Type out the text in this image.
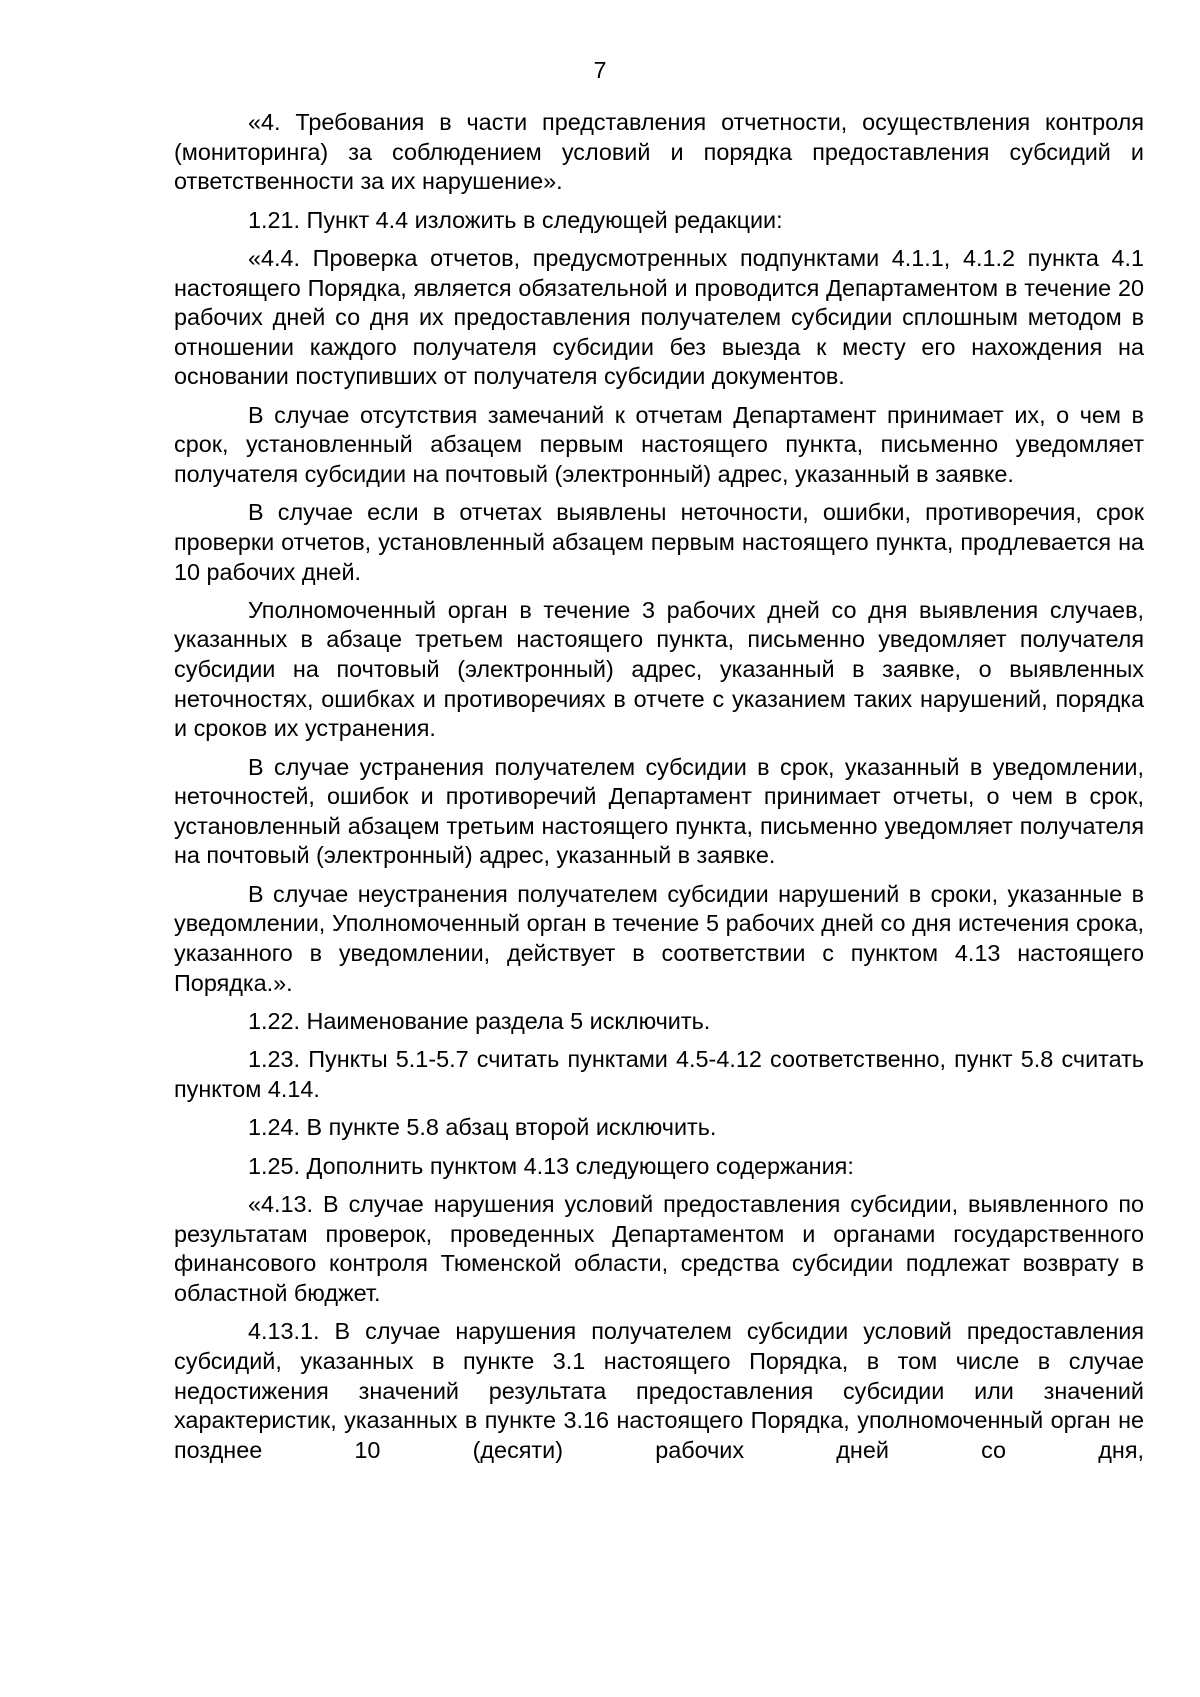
7

«4. Требования в части представления отчетности, осуществления контроля (мониторинга) за соблюдением условий и порядка предоставления субсидий и ответственности за их нарушение».

1.21. Пункт 4.4 изложить в следующей редакции:

«4.4. Проверка отчетов, предусмотренных подпунктами 4.1.1, 4.1.2 пункта 4.1 настоящего Порядка, является обязательной и проводится Департаментом в течение 20 рабочих дней со дня их предоставления получателем субсидии сплошным методом в отношении каждого получателя субсидии без выезда к месту его нахождения на основании поступивших от получателя субсидии документов.

В случае отсутствия замечаний к отчетам Департамент принимает их, о чем в срок, установленный абзацем первым настоящего пункта, письменно уведомляет получателя субсидии на почтовый (электронный) адрес, указанный в заявке.

В случае если в отчетах выявлены неточности, ошибки, противоречия, срок проверки отчетов, установленный абзацем первым настоящего пункта, продлевается на 10 рабочих дней.

Уполномоченный орган в течение 3 рабочих дней со дня выявления случаев, указанных в абзаце третьем настоящего пункта, письменно уведомляет получателя субсидии на почтовый (электронный) адрес, указанный в заявке, о выявленных неточностях, ошибках и противоречиях в отчете с указанием таких нарушений, порядка и сроков их устранения.

В случае устранения получателем субсидии в срок, указанный в уведомлении, неточностей, ошибок и противоречий Департамент принимает отчеты, о чем в срок, установленный абзацем третьим настоящего пункта, письменно уведомляет получателя на почтовый (электронный) адрес, указанный в заявке.

В случае неустранения получателем субсидии нарушений в сроки, указанные в уведомлении, Уполномоченный орган в течение 5 рабочих дней со дня истечения срока, указанного в уведомлении, действует в соответствии с пунктом 4.13 настоящего Порядка.».

1.22. Наименование раздела 5 исключить.

1.23. Пункты 5.1-5.7 считать пунктами 4.5-4.12 соответственно, пункт 5.8 считать пунктом 4.14.

1.24. В пункте 5.8 абзац второй исключить.

1.25. Дополнить пунктом 4.13 следующего содержания:

«4.13. В случае нарушения условий предоставления субсидии, выявленного по результатам проверок, проведенных Департаментом и органами государственного финансового контроля Тюменской области, средства субсидии подлежат возврату в областной бюджет.

4.13.1. В случае нарушения получателем субсидии условий предоставления субсидий, указанных в пункте 3.1 настоящего Порядка, в том числе в случае недостижения значений результата предоставления субсидии или значений характеристик, указанных в пункте 3.16 настоящего Порядка, уполномоченный орган не позднее 10 (десяти) рабочих дней со дня,
